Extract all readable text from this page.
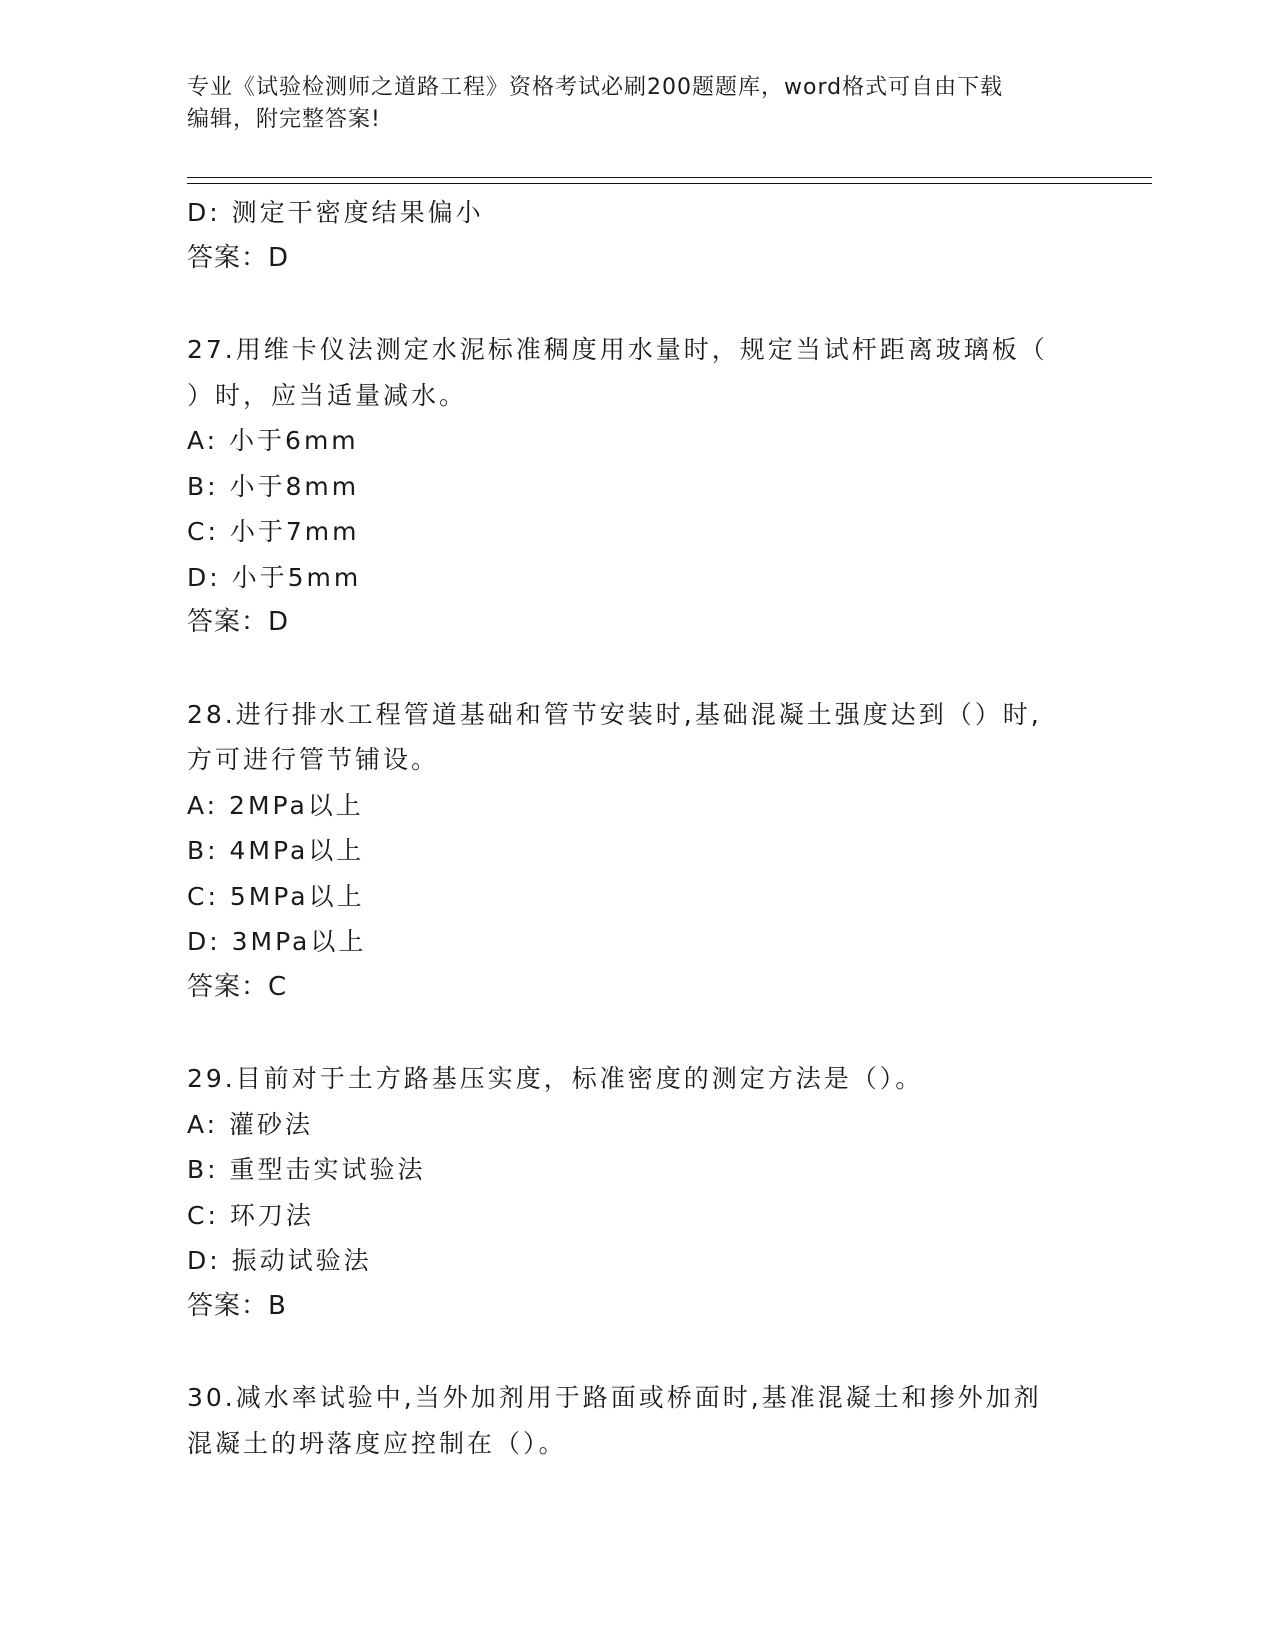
专业《试验检测师之道路工程》资格考试必刷200题题库，word格式可自由下载
编辑，附完整答案!
D: 测定干密度结果偏小
答案：D
27.用维卡仪法测定水泥标准稠度用水量时，规定当试杆距离玻璃板（
）时，应当适量减水。
A: 小于6mm
B: 小于8mm
C: 小于7mm
D: 小于5mm
答案：D
28.进行排水工程管道基础和管节安装时,基础混凝土强度达到（）时,
方可进行管节铺设。
A: 2MPa以上
B: 4MPa以上
C: 5MPa以上
D: 3MPa以上
答案：C
29.目前对于土方路基压实度，标准密度的测定方法是（）。
A: 灌砂法
B: 重型击实试验法
C: 环刀法
D: 振动试验法
答案：B
30.减水率试验中,当外加剂用于路面或桥面时,基准混凝土和掺外加剂
混凝土的坍落度应控制在（）。
